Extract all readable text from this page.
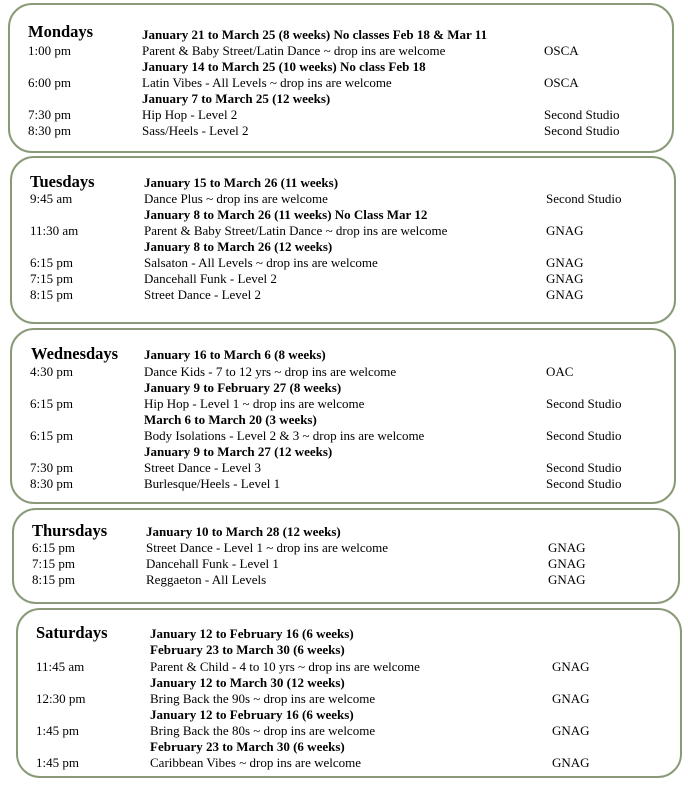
Mondays	January 21 to March 25 (8 weeks) No classes Feb 18 & Mar 11
1:00 pm	Parent & Baby Street/Latin Dance ~ drop ins are welcome	OSCA
January 14 to March 25 (10 weeks) No class Feb 18
6:00 pm	Latin Vibes - All Levels ~ drop ins are welcome	OSCA
January 7 to March 25 (12 weeks)
7:30 pm	Hip Hop - Level 2	Second Studio
8:30 pm	Sass/Heels - Level 2	Second Studio
Tuesdays	January 15 to March 26 (11 weeks)
9:45 am	Dance Plus ~ drop ins are welcome	Second Studio
January 8 to March 26 (11 weeks) No Class Mar 12
11:30 am	Parent & Baby Street/Latin Dance ~ drop ins are welcome	GNAG
January 8 to March 26 (12 weeks)
6:15 pm	Salsaton - All Levels ~ drop ins are welcome	GNAG
7:15 pm	Dancehall Funk - Level 2	GNAG
8:15 pm	Street Dance - Level 2	GNAG
Wednesdays January 16 to March 6 (8 weeks)
4:30 pm	Dance Kids - 7 to 12 yrs ~ drop ins are welcome	OAC
January 9 to February 27 (8 weeks)
6:15 pm	Hip Hop - Level 1 ~ drop ins are welcome	Second Studio
March 6 to March 20 (3 weeks)
6:15 pm	Body Isolations - Level 2 & 3 ~ drop ins are welcome	Second Studio
January 9 to March 27 (12 weeks)
7:30 pm	Street Dance - Level 3	Second Studio
8:30 pm	Burlesque/Heels - Level 1	Second Studio
Thursdays	January 10 to March 28 (12 weeks)
6:15 pm	Street Dance - Level 1 ~ drop ins are welcome	GNAG
7:15 pm	Dancehall Funk - Level 1	GNAG
8:15 pm	Reggaeton - All Levels	GNAG
Saturdays	January 12 to February 16 (6 weeks)
February 23 to March 30 (6 weeks)
11:45 am	Parent & Child - 4 to 10 yrs ~ drop ins are welcome	GNAG
January 12 to March 30 (12 weeks)
12:30 pm	Bring Back the 90s ~ drop ins are welcome	GNAG
January 12 to February 16 (6 weeks)
1:45 pm	Bring Back the 80s ~ drop ins are welcome	GNAG
February 23 to March 30 (6 weeks)
1:45 pm	Caribbean Vibes ~ drop ins are welcome	GNAG
